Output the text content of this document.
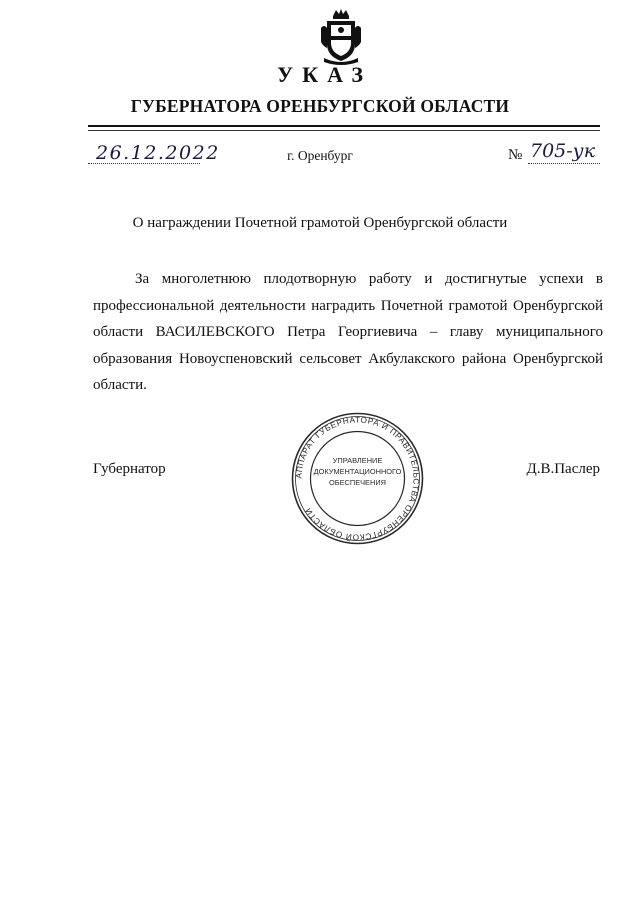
УКАЗ
ГУБЕРНАТОРА ОРЕНБУРГСКОЙ ОБЛАСТИ
26.12.2022	г. Оренбург	№ 705-ук
О награждении Почетной грамотой Оренбургской области

За многолетнюю плодотворную работу и достигнутые успехи в профессиональной деятельности наградить Почетной грамотой Оренбургской области ВАСИЛЕВСКОГО Петра Георгиевича – главу муниципального образования Новоуспеновский сельсовет Акбулакского района Оренбургской области.

Губернатор	Д.В.Паслер
АППАРАТ ГУБЕРНАТОРА И ПРАВИТЕЛЬСТВА ОРЕНБУРГСКОЙ ОБЛАСТИ
УПРАВЛЕНИЕ
ДОКУМЕНТАЦИОННОГО
ОБЕСПЕЧЕНИЯ
